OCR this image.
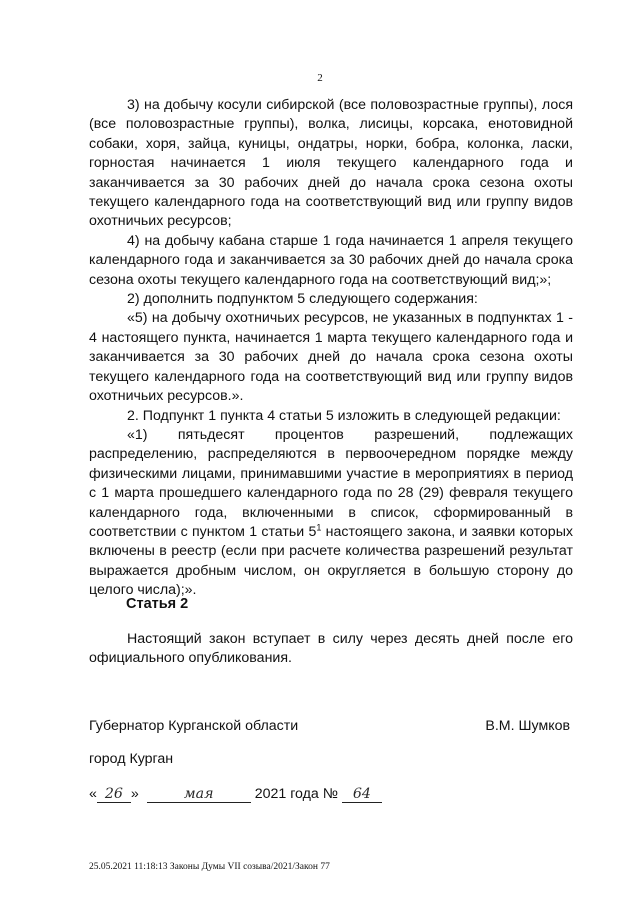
2

3) на добычу косули сибирской (все половозрастные группы), лося (все половозрастные группы), волка, лисицы, корсака, енотовидной собаки, хоря, зайца, куницы, ондатры, норки, бобра, колонка, ласки, горностая начинается 1 июля текущего календарного года и заканчивается за 30 рабочих дней до начала срока сезона охоты текущего календарного года на соответствующий вид или группу видов охотничьих ресурсов;

4) на добычу кабана старше 1 года начинается 1 апреля текущего календарного года и заканчивается за 30 рабочих дней до начала срока сезона охоты текущего календарного года на соответствующий вид;»;

2) дополнить подпунктом 5 следующего содержания:

«5) на добычу охотничьих ресурсов, не указанных в подпунктах 1 - 4 настоящего пункта, начинается 1 марта текущего календарного года и заканчивается за 30 рабочих дней до начала срока сезона охоты текущего календарного года на соответствующий вид или группу видов охотничьих ресурсов.».

2. Подпункт 1 пункта 4 статьи 5 изложить в следующей редакции:

«1) пятьдесят процентов разрешений, подлежащих распределению, распределяются в первоочередном порядке между физическими лицами, принимавшими участие в мероприятиях в период с 1 марта прошедшего календарного года по 28 (29) февраля текущего календарного года, включенными в список, сформированный в соответствии с пунктом 1 статьи $5^1$ настоящего закона, и заявки которых включены в реестр (если при расчете количества разрешений результат выражается дробным числом, он округляется в большую сторону до целого числа);».

Статья 2

Настоящий закон вступает в силу через десять дней после его официального опубликования.

Губернатор Курганской области	В.М. Шумков
город Курган
« 26 »	мая	2021 года № 64
25.05.2021 11:18:13 Законы Думы VII созыва/2021/Закон 77
